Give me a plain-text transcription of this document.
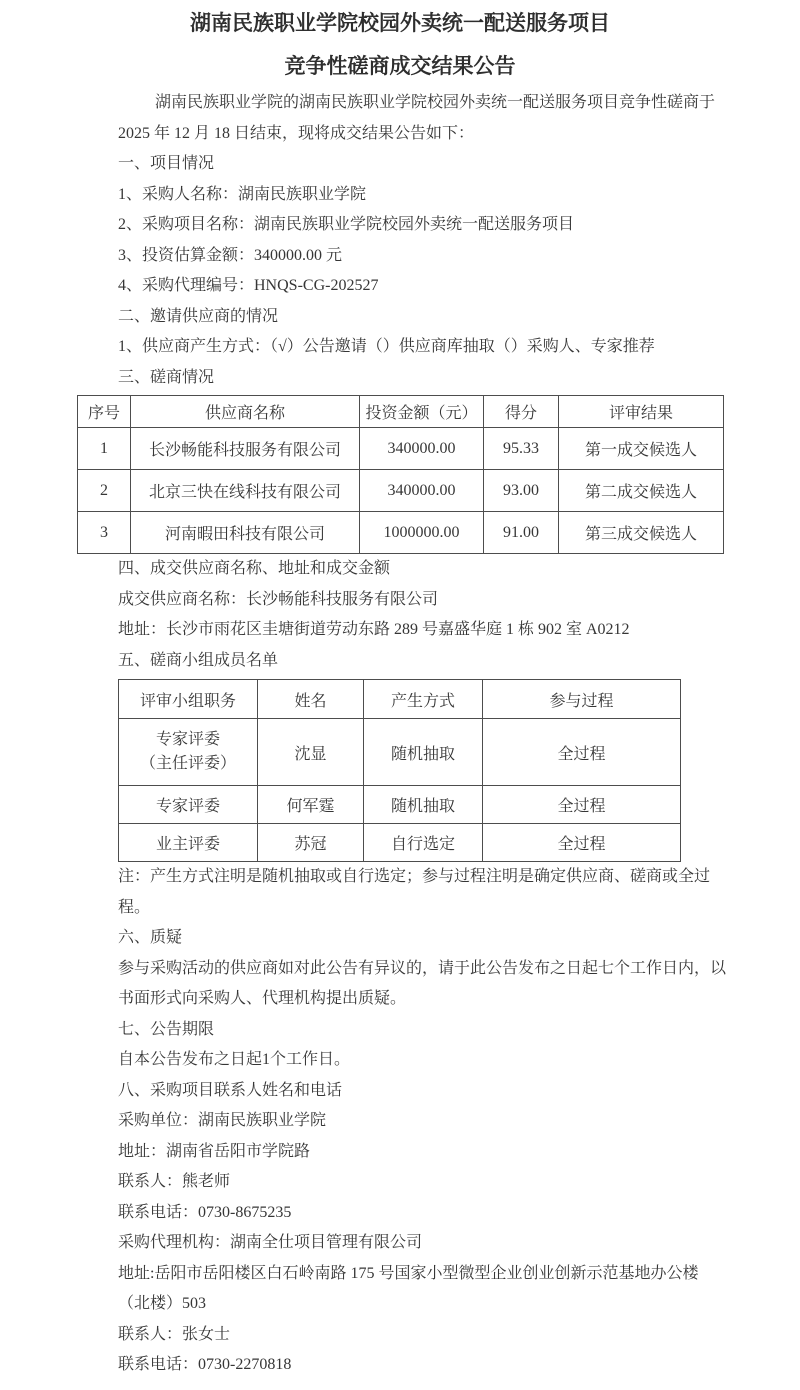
湖南民族职业学院校园外卖统一配送服务项目
竞争性磋商成交结果公告

湖南民族职业学院的湖南民族职业学院校园外卖统一配送服务项目竞争性磋商于 2025 年 12 月 18 日结束，现将成交结果公告如下：

一、项目情况

1、采购人名称：湖南民族职业学院

2、采购项目名称：湖南民族职业学院校园外卖统一配送服务项目

3、投资估算金额：340000.00 元

4、采购代理编号：HNQS-CG-202527

二、邀请供应商的情况

1、供应商产生方式：（√）公告邀请（）供应商库抽取（）采购人、专家推荐

三、磋商情况

序号	供应商名称	投资金额（元）	得分	评审结果
1	长沙畅能科技服务有限公司	340000.00	95.33	第一成交候选人
2	北京三快在线科技有限公司	340000.00	93.00	第二成交候选人
3	河南暇田科技有限公司	1000000.00	91.00	第三成交候选人

四、成交供应商名称、地址和成交金额

成交供应商名称：长沙畅能科技服务有限公司

地址：长沙市雨花区圭塘街道劳动东路 289 号嘉盛华庭 1 栋 902 室 A0212

五、磋商小组成员名单

评审小组职务	姓名	产生方式	参与过程

专家评委
（主任评委）	沈显	随机抽取	全过程
专家评委	何军霆	随机抽取	全过程
业主评委	苏冠	自行选定	全过程

注：产生方式注明是随机抽取或自行选定；参与过程注明是确定供应商、磋商或全过程。

六、质疑

参与采购活动的供应商如对此公告有异议的，请于此公告发布之日起七个工作日内，以书面形式向采购人、代理机构提出质疑。

七、公告期限

自本公告发布之日起1个工作日。

八、采购项目联系人姓名和电话

采购单位：湖南民族职业学院

地址：湖南省岳阳市学院路

联系人：熊老师

联系电话：0730-8675235

采购代理机构：湖南全仕项目管理有限公司

地址:岳阳市岳阳楼区白石岭南路 175 号国家小型微型企业创业创新示范基地办公楼（北楼）503

联系人：张女士

联系电话：0730-2270818
